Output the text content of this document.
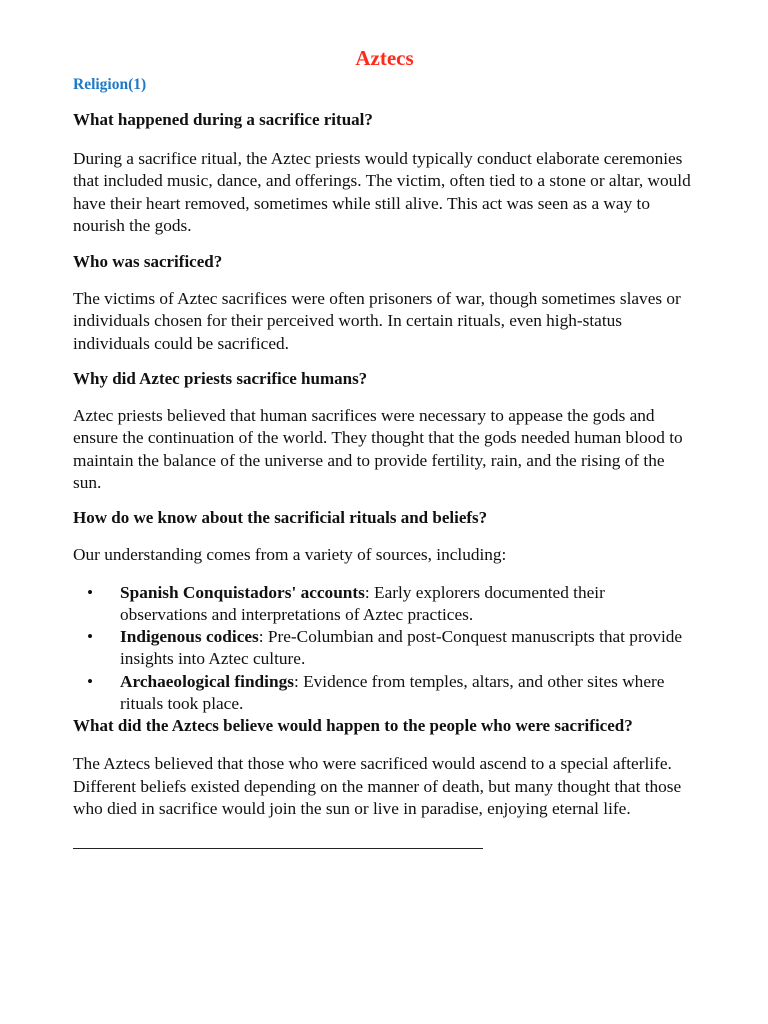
Aztecs
Religion(1)

What happened during a sacrifice ritual?

During a sacrifice ritual, the Aztec priests would typically conduct elaborate ceremonies that included music, dance, and offerings. The victim, often tied to a stone or altar, would have their heart removed, sometimes while still alive. This act was seen as a way to nourish the gods.

Who was sacrificed?

The victims of Aztec sacrifices were often prisoners of war, though sometimes slaves or individuals chosen for their perceived worth. In certain rituals, even high-status individuals could be sacrificed.

Why did Aztec priests sacrifice humans?

Aztec priests believed that human sacrifices were necessary to appease the gods and ensure the continuation of the world. They thought that the gods needed human blood to maintain the balance of the universe and to provide fertility, rain, and the rising of the sun.

How do we know about the sacrificial rituals and beliefs?

Our understanding comes from a variety of sources, including:

• Spanish Conquistadors' accounts: Early explorers documented their observations and interpretations of Aztec practices.
• Indigenous codices: Pre-Columbian and post-Conquest manuscripts that provide insights into Aztec culture.
• Archaeological findings: Evidence from temples, altars, and other sites where rituals took place.

What did the Aztecs believe would happen to the people who were sacrificed?

The Aztecs believed that those who were sacrificed would ascend to a special afterlife. Different beliefs existed depending on the manner of death, but many thought that those who died in sacrifice would join the sun or live in paradise, enjoying eternal life.
